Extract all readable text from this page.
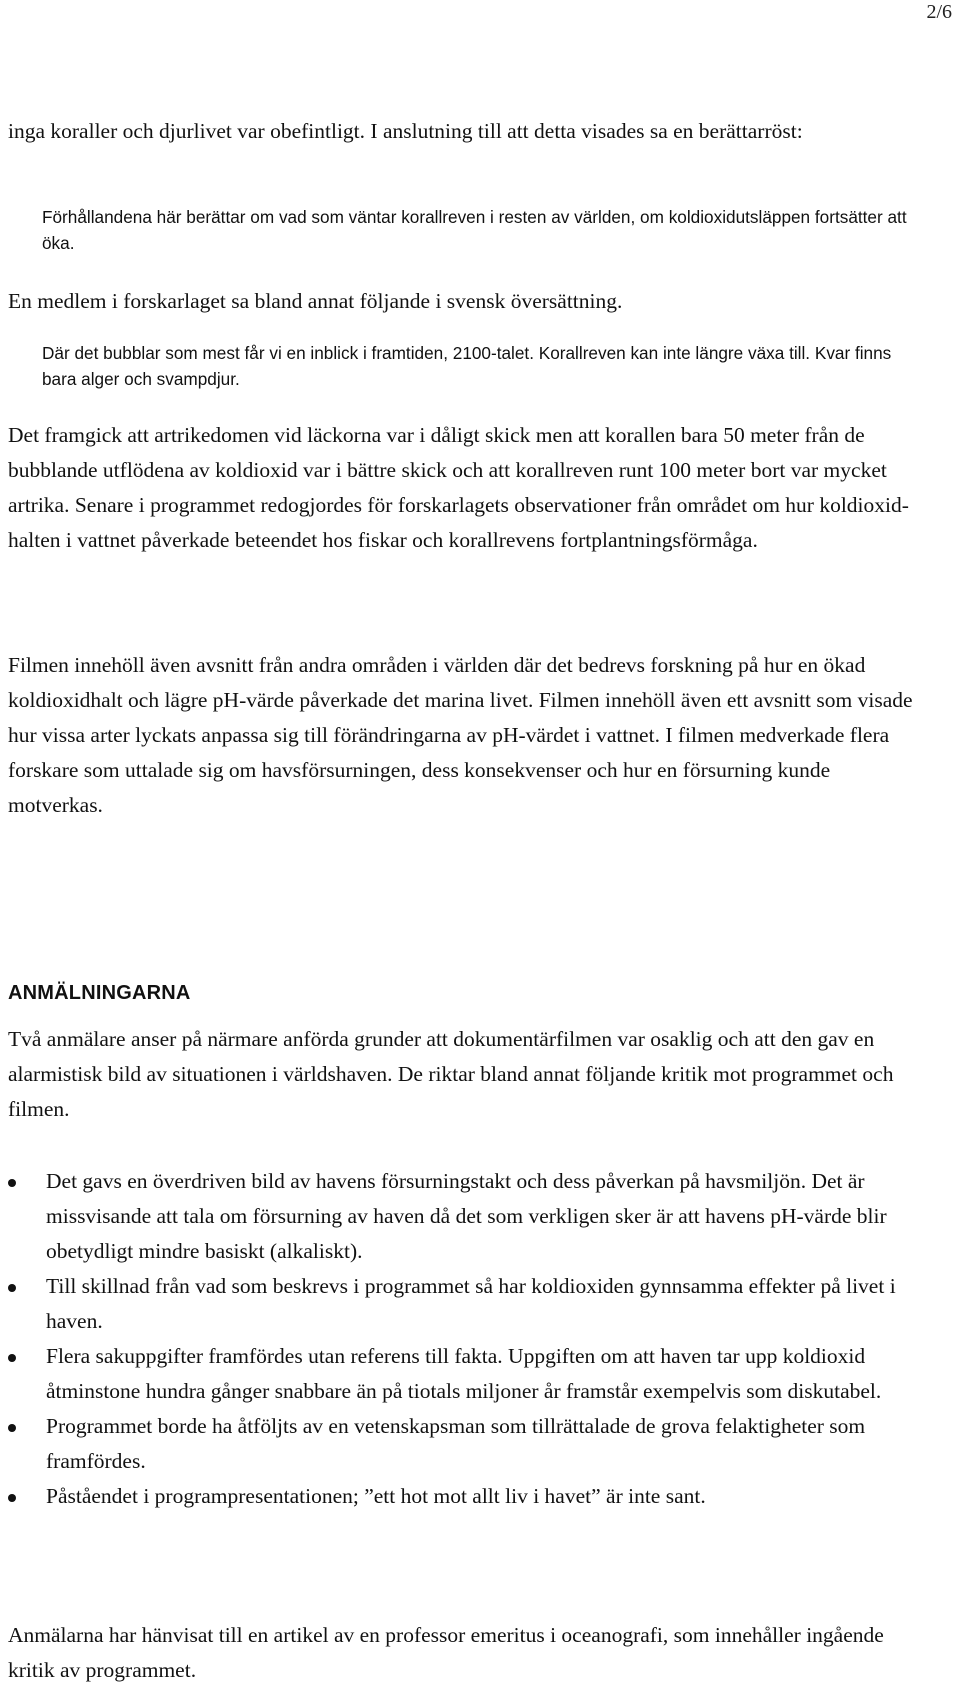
2/6

inga koraller och djurlivet var obefintligt. I anslutning till att detta visades sa en berättarröst:

Förhållandena här berättar om vad som väntar korallreven i resten av världen, om koldioxidutsläppen fortsätter att öka.

En medlem i forskarlaget sa bland annat följande i svensk översättning.

Där det bubblar som mest får vi en inblick i framtiden, 2100-talet. Korallreven kan inte längre växa till. Kvar finns bara alger och svampdjur.

Det framgick att artrikedomen vid läckorna var i dåligt skick men att korallen bara 50 meter från de bubblande utflödena av koldioxid var i bättre skick och att korallreven runt 100 meter bort var mycket artrika. Senare i programmet redogjordes för forskarlagets observationer från området om hur koldioxid-halten i vattnet påverkade beteendet hos fiskar och korallrevens fortplantningsförmåga.

Filmen innehöll även avsnitt från andra områden i världen där det bedrevs forskning på hur en ökad koldioxidhalt och lägre pH-värde påverkade det marina livet. Filmen innehöll även ett avsnitt som visade hur vissa arter lyckats anpassa sig till förändringarna av pH-värdet i vattnet. I filmen medverkade flera forskare som uttalade sig om havsförsurningen, dess konsekvenser och hur en försurning kunde motverkas.

ANMÄLNINGARNA

Två anmälare anser på närmare anförda grunder att dokumentärfilmen var osaklig och att den gav en alarmistisk bild av situationen i världshaven. De riktar bland annat följande kritik mot programmet och filmen.

Det gavs en överdriven bild av havens försurningstakt och dess påverkan på havsmiljön. Det är missvisande att tala om försurning av haven då det som verkligen sker är att havens pH-värde blir obetydligt mindre basiskt (alkaliskt).
Till skillnad från vad som beskrevs i programmet så har koldioxiden gynnsamma effekter på livet i haven.
Flera sakuppgifter framfördes utan referens till fakta. Uppgiften om att haven tar upp koldioxid åtminstone hundra gånger snabbare än på tiotals miljoner år framstår exempelvis som diskutabel.
Programmet borde ha åtföljts av en vetenskapsman som tillrättalade de grova felaktigheter som framfördes.
Påståendet i programpresentationen; ”ett hot mot allt liv i havet” är inte sant.

Anmälarna har hänvisat till en artikel av en professor emeritus i oceanografi, som innehåller ingående kritik av programmet.
